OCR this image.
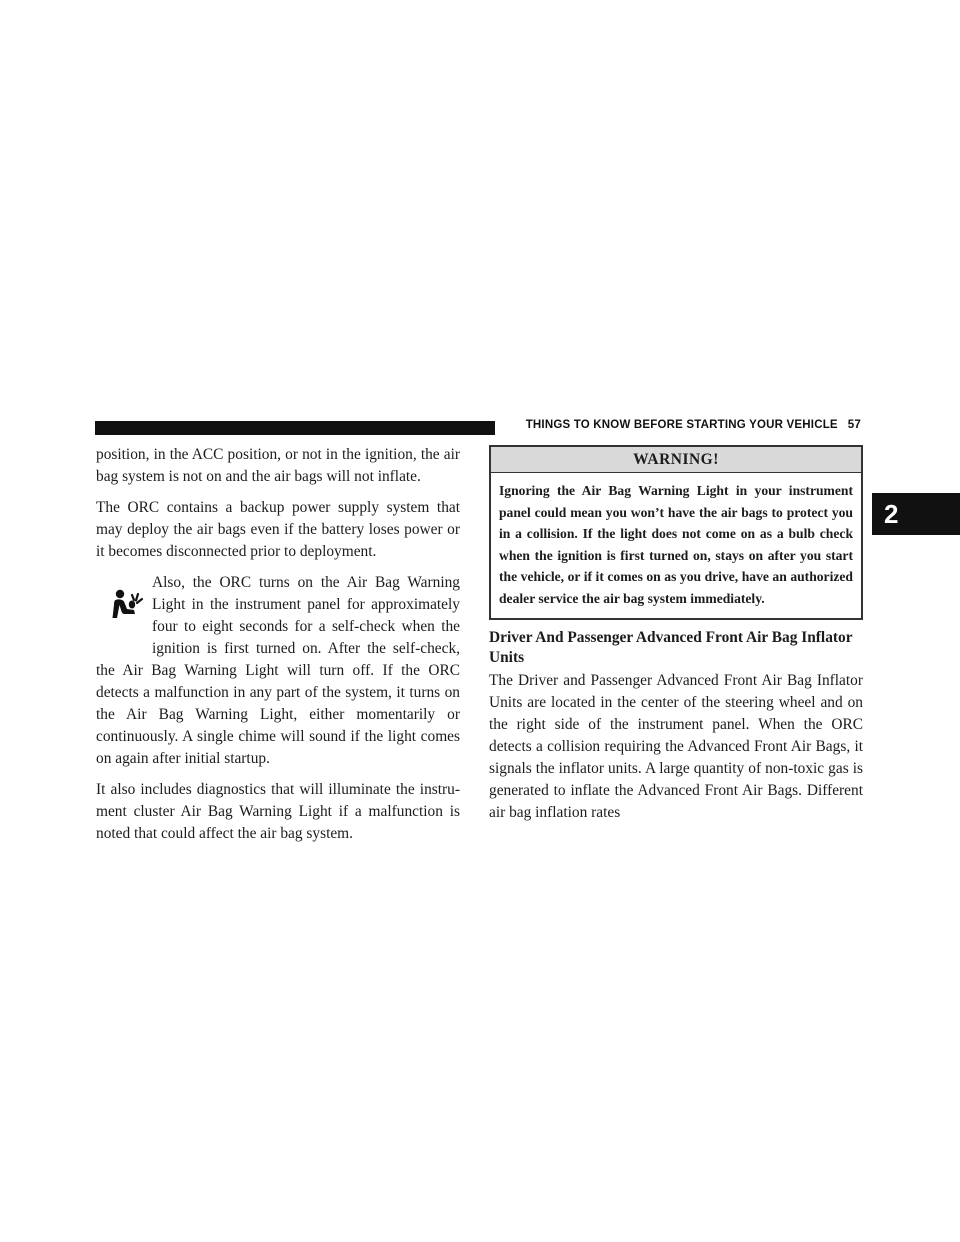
THINGS TO KNOW BEFORE STARTING YOUR VEHICLE 57
2

position, in the ACC position, or not in the ignition, the air bag system is not on and the air bags will not inflate.

The ORC contains a backup power supply system that may deploy the air bags even if the battery loses power or it becomes disconnected prior to deployment.

Also, the ORC turns on the Air Bag Warning Light in the instrument panel for approximately four to eight seconds for a self-check when the ignition is first turned on. After the self-check, the Air Bag Warning Light will turn off. If the ORC detects a malfunction in any part of the system, it turns on the Air Bag Warning Light, either momentarily or continuously. A single chime will sound if the light comes on again after initial startup.

It also includes diagnostics that will illuminate the instrument cluster Air Bag Warning Light if a malfunction is noted that could affect the air bag system.

WARNING!
Ignoring the Air Bag Warning Light in your instrument panel could mean you won’t have the air bags to protect you in a collision. If the light does not come on as a bulb check when the ignition is first turned on, stays on after you start the vehicle, or if it comes on as you drive, have an authorized dealer service the air bag system immediately.
Driver And Passenger Advanced Front Air Bag Inflator Units

The Driver and Passenger Advanced Front Air Bag Inflator Units are located in the center of the steering wheel and on the right side of the instrument panel. When the ORC detects a collision requiring the Advanced Front Air Bags, it signals the inflator units. A large quantity of non-toxic gas is generated to inflate the Advanced Front Air Bags. Different air bag inflation rates
